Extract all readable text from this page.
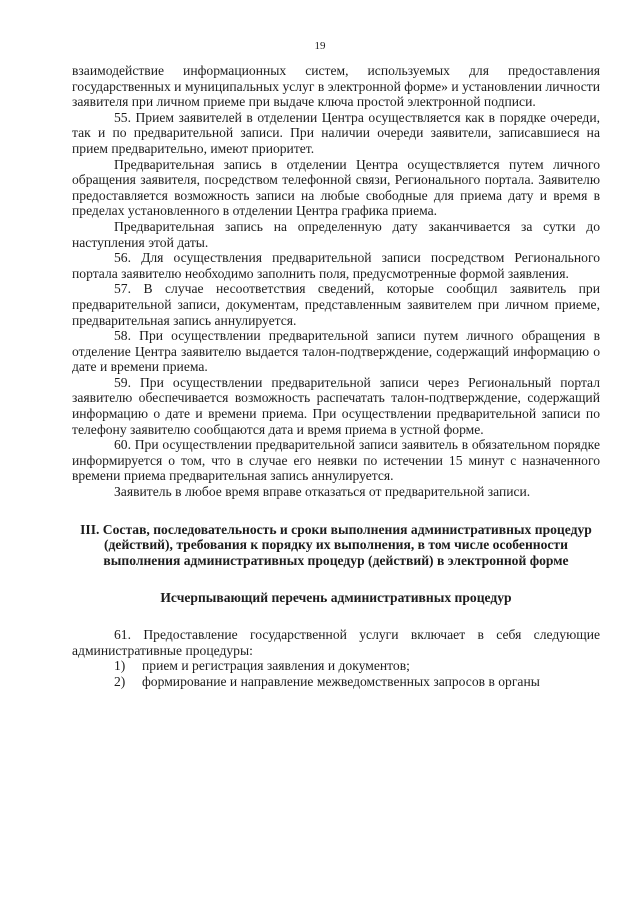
19

взаимодействие информационных систем, используемых для предоставления государственных и муниципальных услуг в электронной форме» и установлении личности заявителя при личном приеме при выдаче ключа простой электронной подписи.

55. Прием заявителей в отделении Центра осуществляется как в порядке очереди, так и по предварительной записи. При наличии очереди заявители, записавшиеся на прием предварительно, имеют приоритет.

Предварительная запись в отделении Центра осуществляется путем личного обращения заявителя, посредством телефонной связи, Регионального портала. Заявителю предоставляется возможность записи на любые свободные для приема дату и время в пределах установленного в отделении Центра графика приема.

Предварительная запись на определенную дату заканчивается за сутки до наступления этой даты.

56. Для осуществления предварительной записи посредством Регионального портала заявителю необходимо заполнить поля, предусмотренные формой заявления.

57. В случае несоответствия сведений, которые сообщил заявитель при предварительной записи, документам, представленным заявителем при личном приеме, предварительная запись аннулируется.

58. При осуществлении предварительной записи путем личного обращения в отделение Центра заявителю выдается талон-подтверждение, содержащий информацию о дате и времени приема.

59. При осуществлении предварительной записи через Региональный портал заявителю обеспечивается возможность распечатать талон-подтверждение, содержащий информацию о дате и времени приема. При осуществлении предварительной записи по телефону заявителю сообщаются дата и время приема в устной форме.

60. При осуществлении предварительной записи заявитель в обязательном порядке информируется о том, что в случае его неявки по истечении 15 минут с назначенного времени приема предварительная запись аннулируется.

Заявитель в любое время вправе отказаться от предварительной записи.

III. Состав, последовательность и сроки выполнения административных процедур (действий), требования к порядку их выполнения, в том числе особенности выполнения административных процедур (действий) в электронной форме
Исчерпывающий перечень административных процедур

61. Предоставление государственной услуги включает в себя следующие административные процедуры:

1)	прием и регистрация заявления и документов;
2)	формирование и направление межведомственных запросов в органы
